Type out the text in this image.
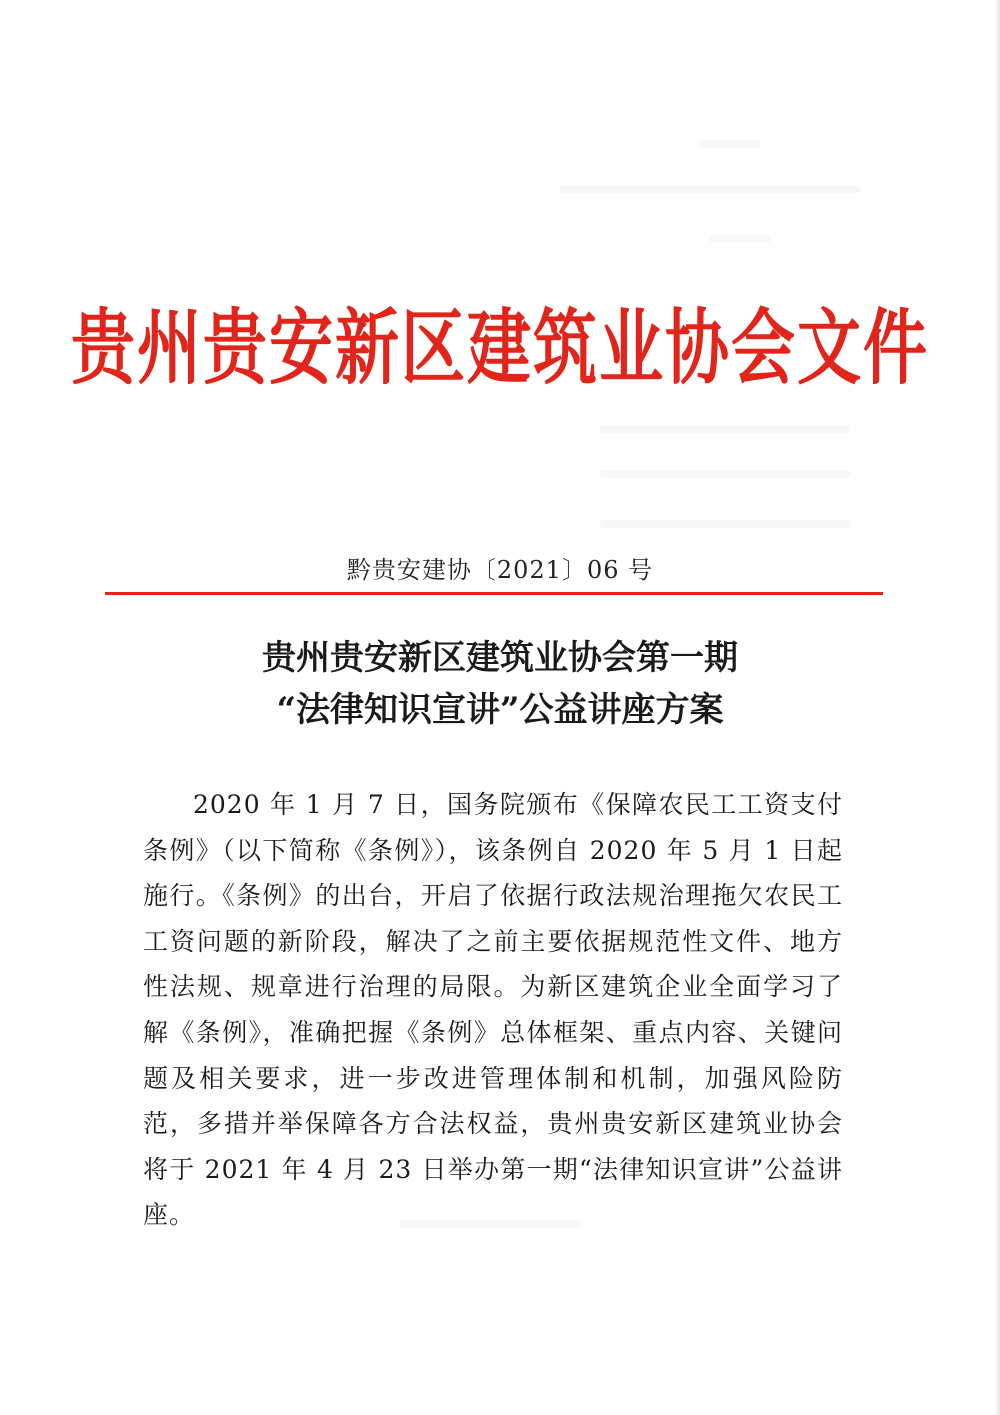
贵州贵安新区建筑业协会文件
黔贵安建协〔2021〕06 号
贵州贵安新区建筑业协会第一期
“法律知识宣讲”公益讲座方案
2020 年 1 月 7 日，国务院颁布《保障农民工工资支付条例》（以下简称《条例》），该条例自 2020 年 5 月 1 日起施行。《条例》的出台，开启了依据行政法规治理拖欠农民工工资问题的新阶段，解决了之前主要依据规范性文件、地方性法规、规章进行治理的局限。为新区建筑企业全面学习了解《条例》，准确把握《条例》总体框架、重点内容、关键问题及相关要求，进一步改进管理体制和机制，加强风险防范，多措并举保障各方合法权益，贵州贵安新区建筑业协会将于 2021 年 4 月 23 日举办第一期“法律知识宣讲”公益讲座。
